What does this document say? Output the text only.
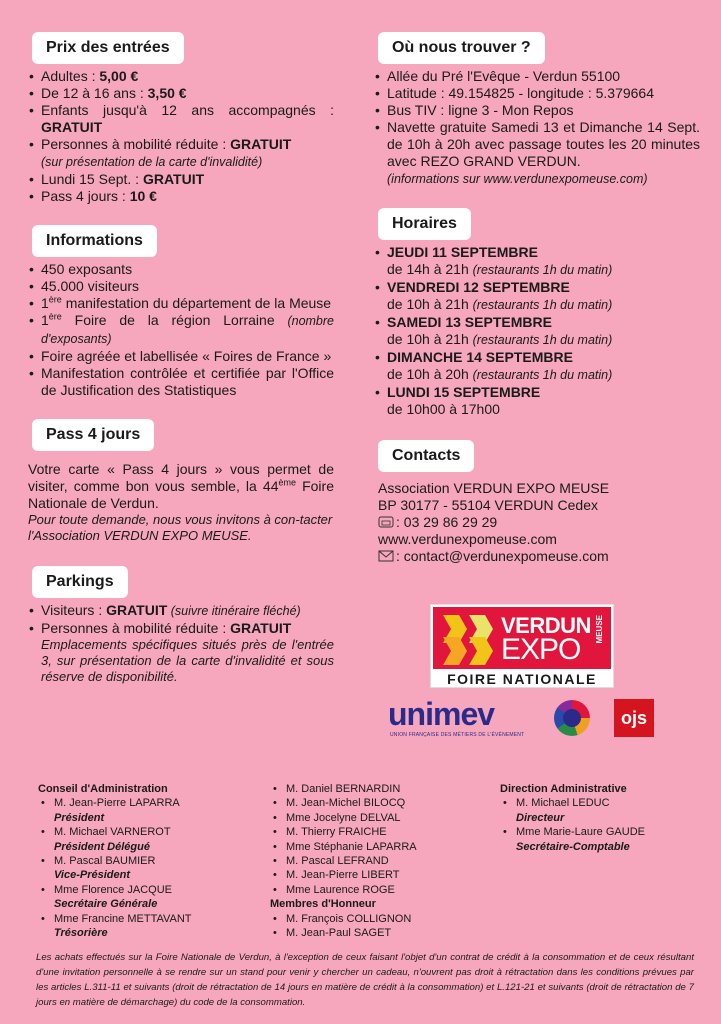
Prix des entrées
• Adultes : 5,00 €
• De 12 à 16 ans : 3,50 €
• Enfants jusqu'à 12 ans accompagnés : GRATUIT
• Personnes à mobilité réduite : GRATUIT
(sur présentation de la carte d'invalidité)
• Lundi 15 Sept. : GRATUIT
• Pass 4 jours : 10 €
Informations
• 450 exposants
• 45.000 visiteurs
• 1ère manifestation du département de la Meuse
• 1ère Foire de la région Lorraine (nombre d'exposants)
• Foire agréée et labellisée « Foires de France »
• Manifestation contrôlée et certifiée par l'Office de Justification des Statistiques
Pass 4 jours
Votre carte « Pass 4 jours » vous permet de visiter, comme bon vous semble, la 44ème Foire Nationale de Verdun.
Pour toute demande, nous vous invitons à con-tacter l'Association VERDUN EXPO MEUSE.
Parkings
• Visiteurs : GRATUIT (suivre itinéraire fléché)
• Personnes à mobilité réduite : GRATUIT

Emplacements spécifiques situés près de l'entrée 3, sur présentation de la carte d'invalidité et sous réserve de disponibilité.
Où nous trouver ?
• Allée du Pré l'Evêque - Verdun 55100
• Latitude : 49.154825 - longitude : 5.379664
• Bus TIV : ligne 3 - Mon Repos
• Navette gratuite Samedi 13 et Dimanche 14 Sept. de 10h à 20h avec passage toutes les 20 minutes avec REZO GRAND VERDUN.
(informations sur www.verdunexpomeuse.com)
Horaires
• JEUDI 11 SEPTEMBRE
de 14h à 21h (restaurants 1h du matin)
• VENDREDI 12 SEPTEMBRE
de 10h à 21h (restaurants 1h du matin)
• SAMEDI 13 SEPTEMBRE
de 10h à 21h (restaurants 1h du matin)
• DIMANCHE 14 SEPTEMBRE
de 10h à 20h (restaurants 1h du matin)
• LUNDI 15 SEPTEMBRE
de 10h00 à 17h00
Contacts
Association VERDUN EXPO MEUSE
BP 30177 - 55104 VERDUN Cedex
: 03 29 86 29 29
www.verdunexpomeuse.com
: contact@verdunexpomeuse.com
VERDUN
EXPO
MEUSE
FOIRE NATIONALE
unimev
UNION FRANÇAISE DES MÉTIERS DE L'ÉVÉNEMENT
ojs
Conseil d'Administration
• M. Jean-Pierre LAPARRA
Président
• M. Michael VARNEROT
Président Délégué
• M. Pascal BAUMIER
Vice-Président
• Mme Florence JACQUE
Secrétaire Générale
• Mme Francine METTAVANT
Trésorière
• M. Daniel BERNARDIN
• M. Jean-Michel BILOCQ
• Mme Jocelyne DELVAL
• M. Thierry FRAICHE
• Mme Stéphanie LAPARRA
• M. Pascal LEFRAND
• M. Jean-Pierre LIBERT
• Mme Laurence ROGE
Membres d'Honneur
• M. François COLLIGNON
• M. Jean-Paul SAGET
Direction Administrative
• M. Michael LEDUC
Directeur
• Mme Marie-Laure GAUDE
Secrétaire-Comptable
Les achats effectués sur la Foire Nationale de Verdun, à l'exception de ceux faisant l'objet d'un contrat de crédit à la consommation et de ceux résultant d'une invitation personnelle à se rendre sur un stand pour venir y chercher un cadeau, n'ouvrent pas droit à rétractation dans les conditions prévues par les articles L.311-11 et suivants (droit de rétractation de 14 jours en matière de crédit à la consommation) et L.121-21 et suivants (droit de rétractation de 7 jours en matière de démarchage) du code de la consommation.
